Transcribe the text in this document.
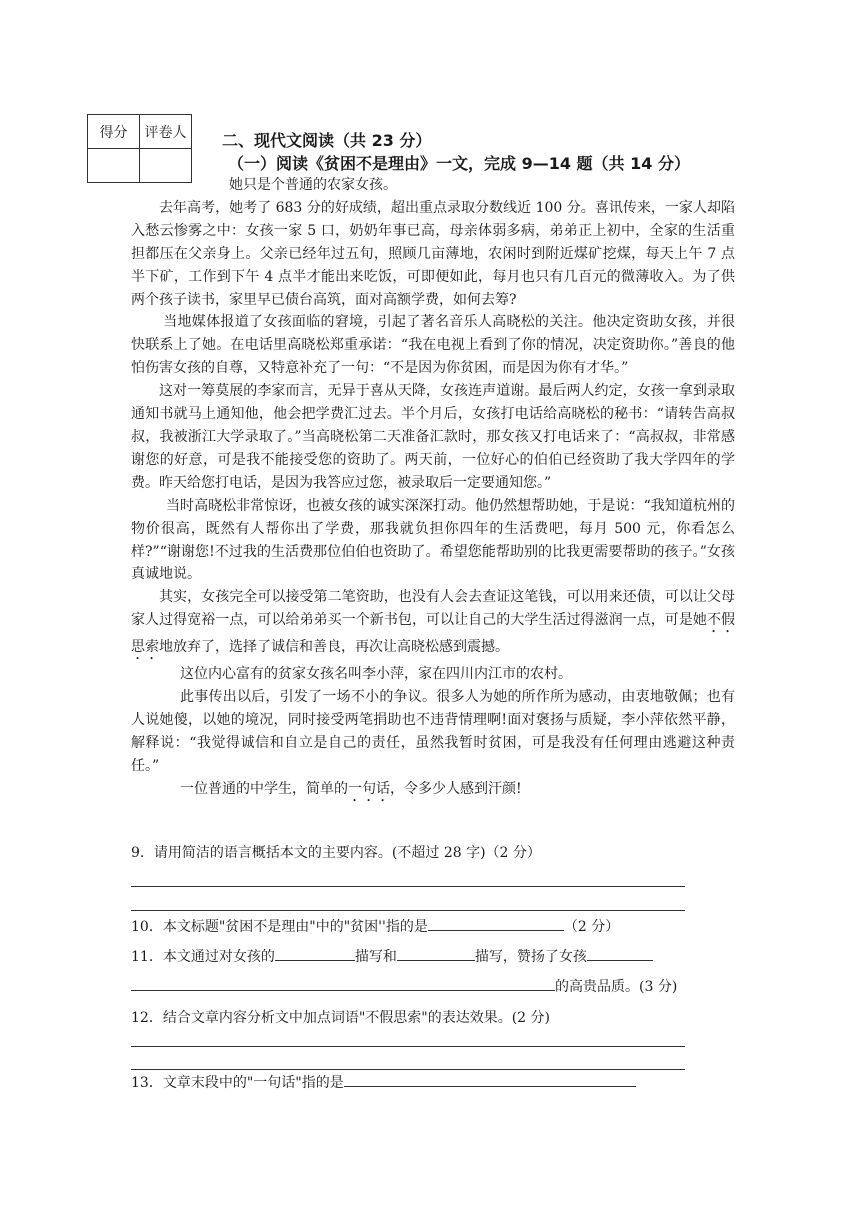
得分	评卷人
	二、现代文阅读（共 23 分）
（一）阅读《贫困不是理由》一文，完成 9—14 题（共 14 分）

她只是个普通的农家女孩。

去年高考，她考了 683 分的好成绩，超出重点录取分数线近 100 分。喜讯传来，一家人却陷入愁云惨雾之中：女孩一家 5 口，奶奶年事已高，母亲体弱多病，弟弟正上初中，全家的生活重担都压在父亲身上。父亲已经年过五旬，照顾几亩薄地，农闲时到附近煤矿挖煤，每天上午 7 点半下矿，工作到下午 4 点半才能出来吃饭，可即便如此，每月也只有几百元的微薄收入。为了供两个孩子读书，家里早已债台高筑，面对高额学费，如何去筹?

当地媒体报道了女孩面临的窘境，引起了著名音乐人高晓松的关注。他决定资助女孩，并很快联系上了她。在电话里高晓松郑重承诺：“我在电视上看到了你的情况，决定资助你。”善良的他怕伤害女孩的自尊，又特意补充了一句：“不是因为你贫困，而是因为你有才华。”

这对一筹莫展的李家而言，无异于喜从天降，女孩连声道谢。最后两人约定，女孩一拿到录取通知书就马上通知他，他会把学费汇过去。半个月后，女孩打电话给高晓松的秘书：“请转告高叔叔，我被浙江大学录取了。”当高晓松第二天准备汇款时，那女孩又打电话来了：“高叔叔，非常感谢您的好意，可是我不能接受您的资助了。两天前，一位好心的伯伯已经资助了我大学四年的学费。昨天给您打电话，是因为我答应过您，被录取后一定要通知您。”

当时高晓松非常惊讶，也被女孩的诚实深深打动。他仍然想帮助她，于是说：“我知道杭州的物价很高，既然有人帮你出了学费，那我就负担你四年的生活费吧，每月 500 元，你看怎么样?”“谢谢您!不过我的生活费那位伯伯也资助了。希望您能帮助别的比我更需要帮助的孩子。”女孩真诚地说。

其实，女孩完全可以接受第二笔资助，也没有人会去查证这笔钱，可以用来还债，可以让父母家人过得宽裕一点，可以给弟弟买一个新书包，可以让自己的大学生活过得滋润一点，可是她不假思索地放弃了，选择了诚信和善良，再次让高晓松感到震撼。

这位内心富有的贫家女孩名叫李小萍，家在四川内江市的农村。

此事传出以后，引发了一场不小的争议。很多人为她的所作所为感动，由衷地敬佩；也有人说她傻，以她的境况，同时接受两笔捐助也不违背情理啊!面对褒扬与质疑，李小萍依然平静，解释说：“我觉得诚信和自立是自己的责任，虽然我暂时贫困，可是我没有任何理由逃避这种责任。”

一位普通的中学生，简单的一句话，令多少人感到汗颜!

9．请用简洁的语言概括本文的主要内容。(不超过 28 字)（2 分）

10．本文标题"贫困不是理由"中的"贫困''指的是	（2 分）

11．本文通过对女孩的	描写和	描写，赞扬了女孩

的高贵品质。(3 分)

12．结合文章内容分析文中加点词语"不假思索"的表达效果。(2 分)

13．文章末段中的"一句话"指的是
